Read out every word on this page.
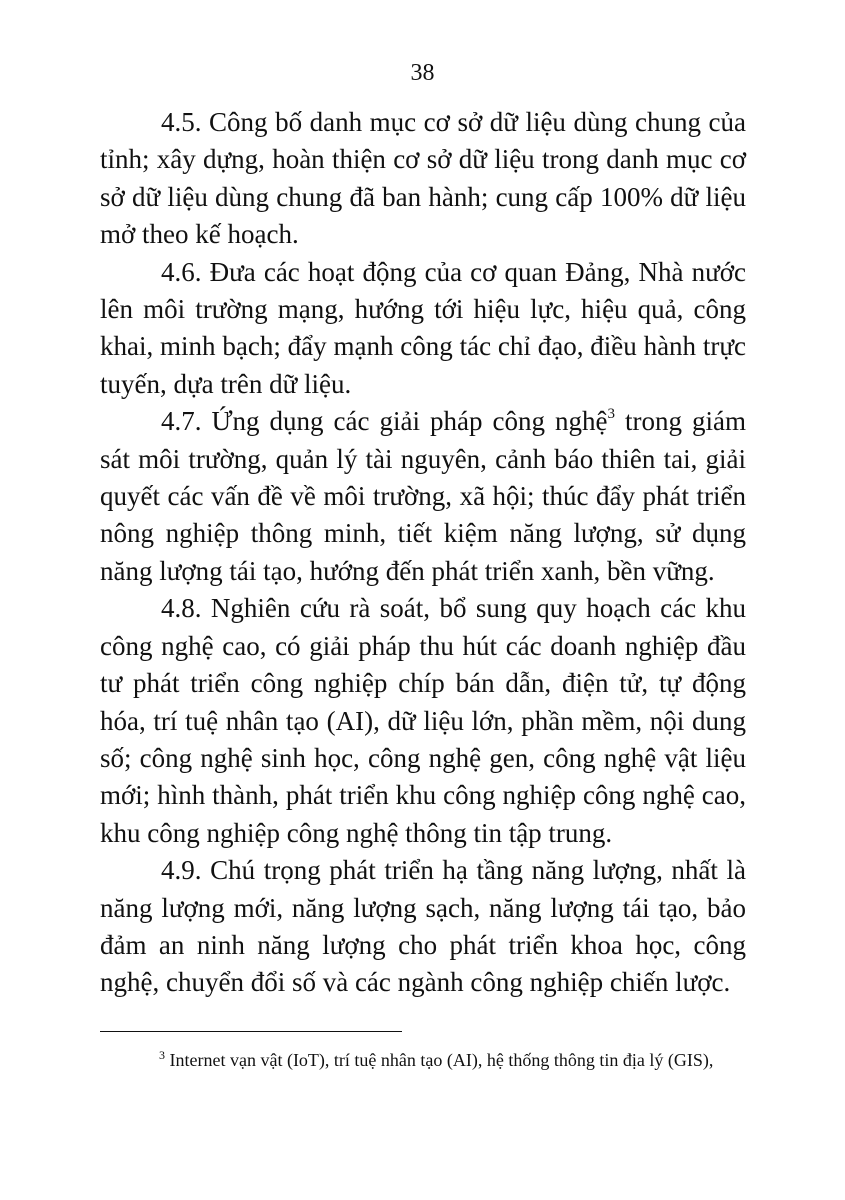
38

4.5. Công bố danh mục cơ sở dữ liệu dùng chung của tỉnh; xây dựng, hoàn thiện cơ sở dữ liệu trong danh mục cơ sở dữ liệu dùng chung đã ban hành; cung cấp 100% dữ liệu mở theo kế hoạch.

4.6. Đưa các hoạt động của cơ quan Đảng, Nhà nước lên môi trường mạng, hướng tới hiệu lực, hiệu quả, công khai, minh bạch; đẩy mạnh công tác chỉ đạo, điều hành trực tuyến, dựa trên dữ liệu.

4.7. Ứng dụng các giải pháp công nghệ$^3$ trong giám sát môi trường, quản lý tài nguyên, cảnh báo thiên tai, giải quyết các vấn đề về môi trường, xã hội; thúc đẩy phát triển nông nghiệp thông minh, tiết kiệm năng lượng, sử dụng năng lượng tái tạo, hướng đến phát triển xanh, bền vững.

4.8. Nghiên cứu rà soát, bổ sung quy hoạch các khu công nghệ cao, có giải pháp thu hút các doanh nghiệp đầu tư phát triển công nghiệp chíp bán dẫn, điện tử, tự động hóa, trí tuệ nhân tạo (AI), dữ liệu lớn, phần mềm, nội dung số; công nghệ sinh học, công nghệ gen, công nghệ vật liệu mới; hình thành, phát triển khu công nghiệp công nghệ cao, khu công nghiệp công nghệ thông tin tập trung.

4.9. Chú trọng phát triển hạ tầng năng lượng, nhất là năng lượng mới, năng lượng sạch, năng lượng tái tạo, bảo đảm an ninh năng lượng cho phát triển khoa học, công nghệ, chuyển đổi số và các ngành công nghiệp chiến lược.

$^3$ Internet vạn vật (IoT), trí tuệ nhân tạo (AI), hệ thống thông tin địa lý (GIS),
